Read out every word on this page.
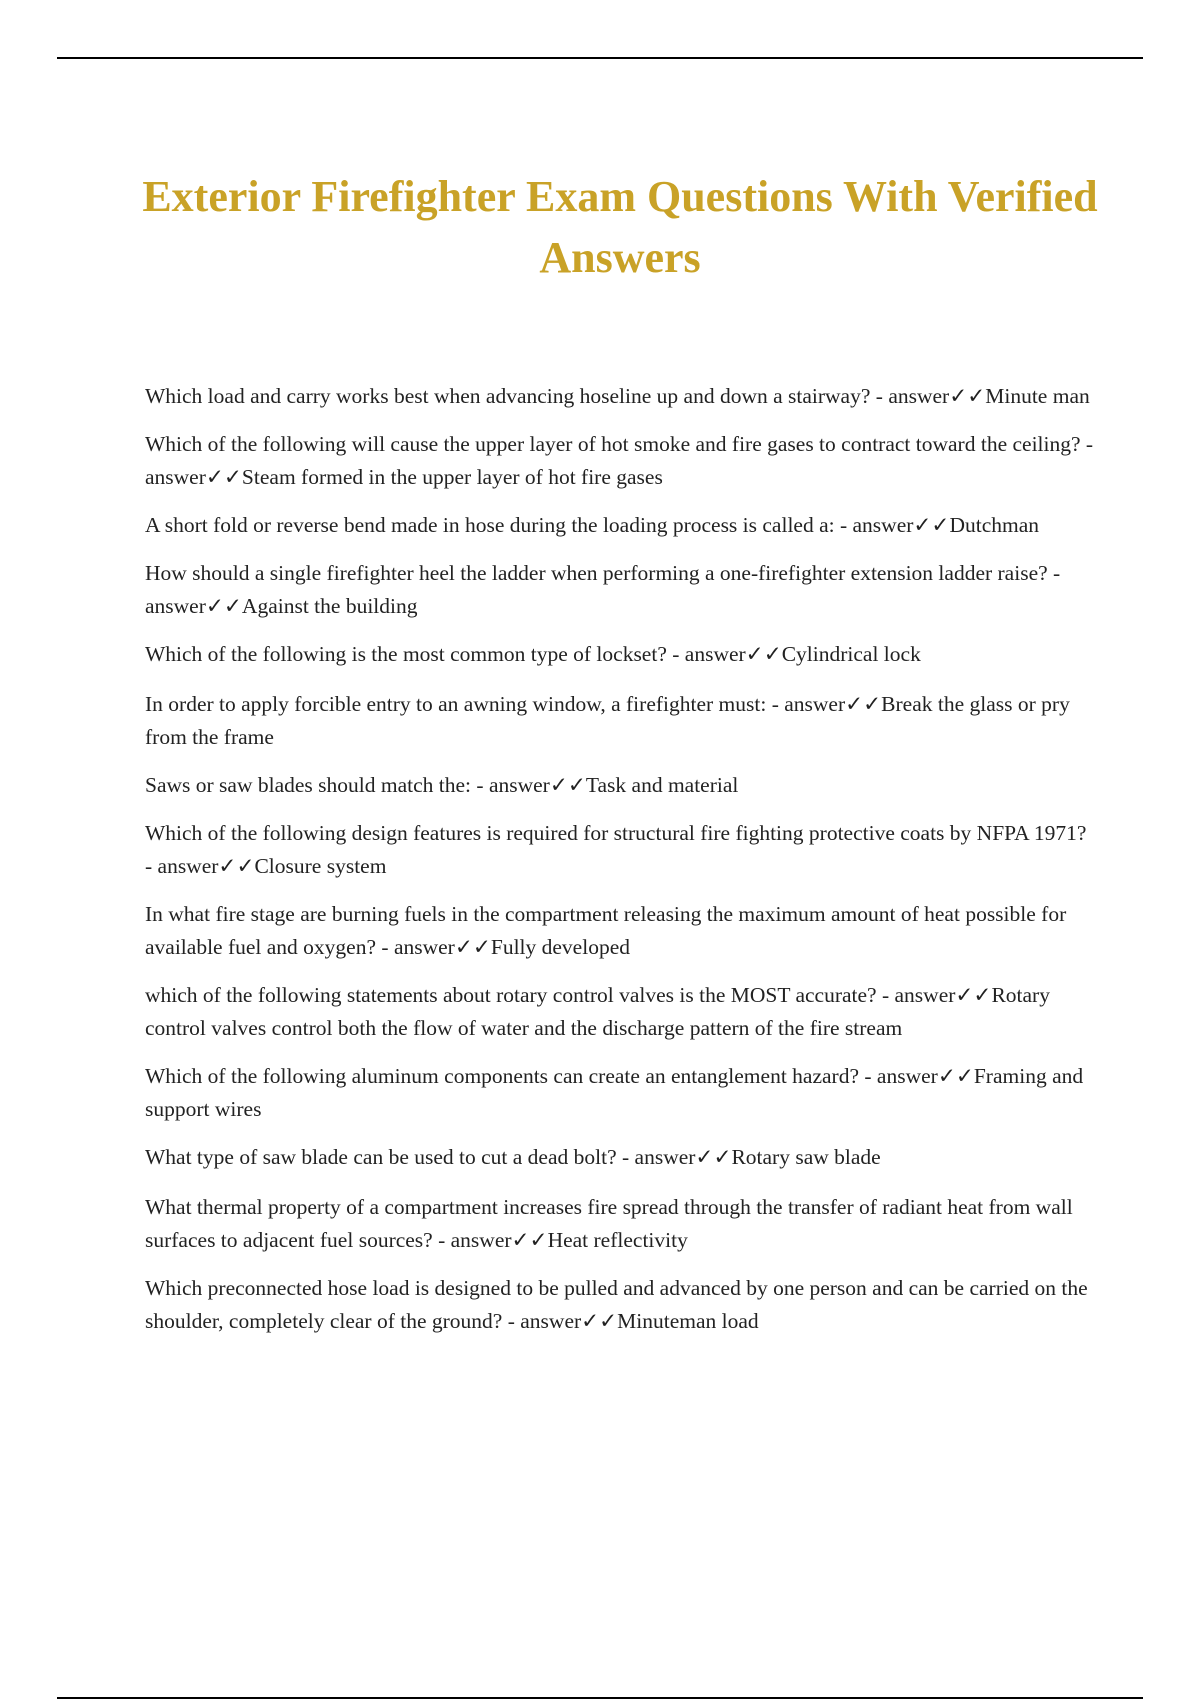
Exterior Firefighter Exam Questions With Verified Answers
Which load and carry works best when advancing hoseline up and down a stairway? - answer✓✓Minute man
Which of the following will cause the upper layer of hot smoke and fire gases to contract toward the ceiling? - answer✓✓Steam formed in the upper layer of hot fire gases
A short fold or reverse bend made in hose during the loading process is called a: - answer✓✓Dutchman
How should a single firefighter heel the ladder when performing a one-firefighter extension ladder raise? - answer✓✓Against the building
Which of the following is the most common type of lockset? - answer✓✓Cylindrical lock
In order to apply forcible entry to an awning window, a firefighter must: - answer✓✓Break the glass or pry from the frame
Saws or saw blades should match the: - answer✓✓Task and material
Which of the following design features is required for structural fire fighting protective coats by NFPA 1971? - answer✓✓Closure system
In what fire stage are burning fuels in the compartment releasing the maximum amount of heat possible for available fuel and oxygen? - answer✓✓Fully developed
which of the following statements about rotary control valves is the MOST accurate? - answer✓✓Rotary control valves control both the flow of water and the discharge pattern of the fire stream
Which of the following aluminum components can create an entanglement hazard? - answer✓✓Framing and support wires
What type of saw blade can be used to cut a dead bolt? - answer✓✓Rotary saw blade
What thermal property of a compartment increases fire spread through the transfer of radiant heat from wall surfaces to adjacent fuel sources? - answer✓✓Heat reflectivity
Which preconnected hose load is designed to be pulled and advanced by one person and can be carried on the shoulder, completely clear of the ground? - answer✓✓Minuteman load
